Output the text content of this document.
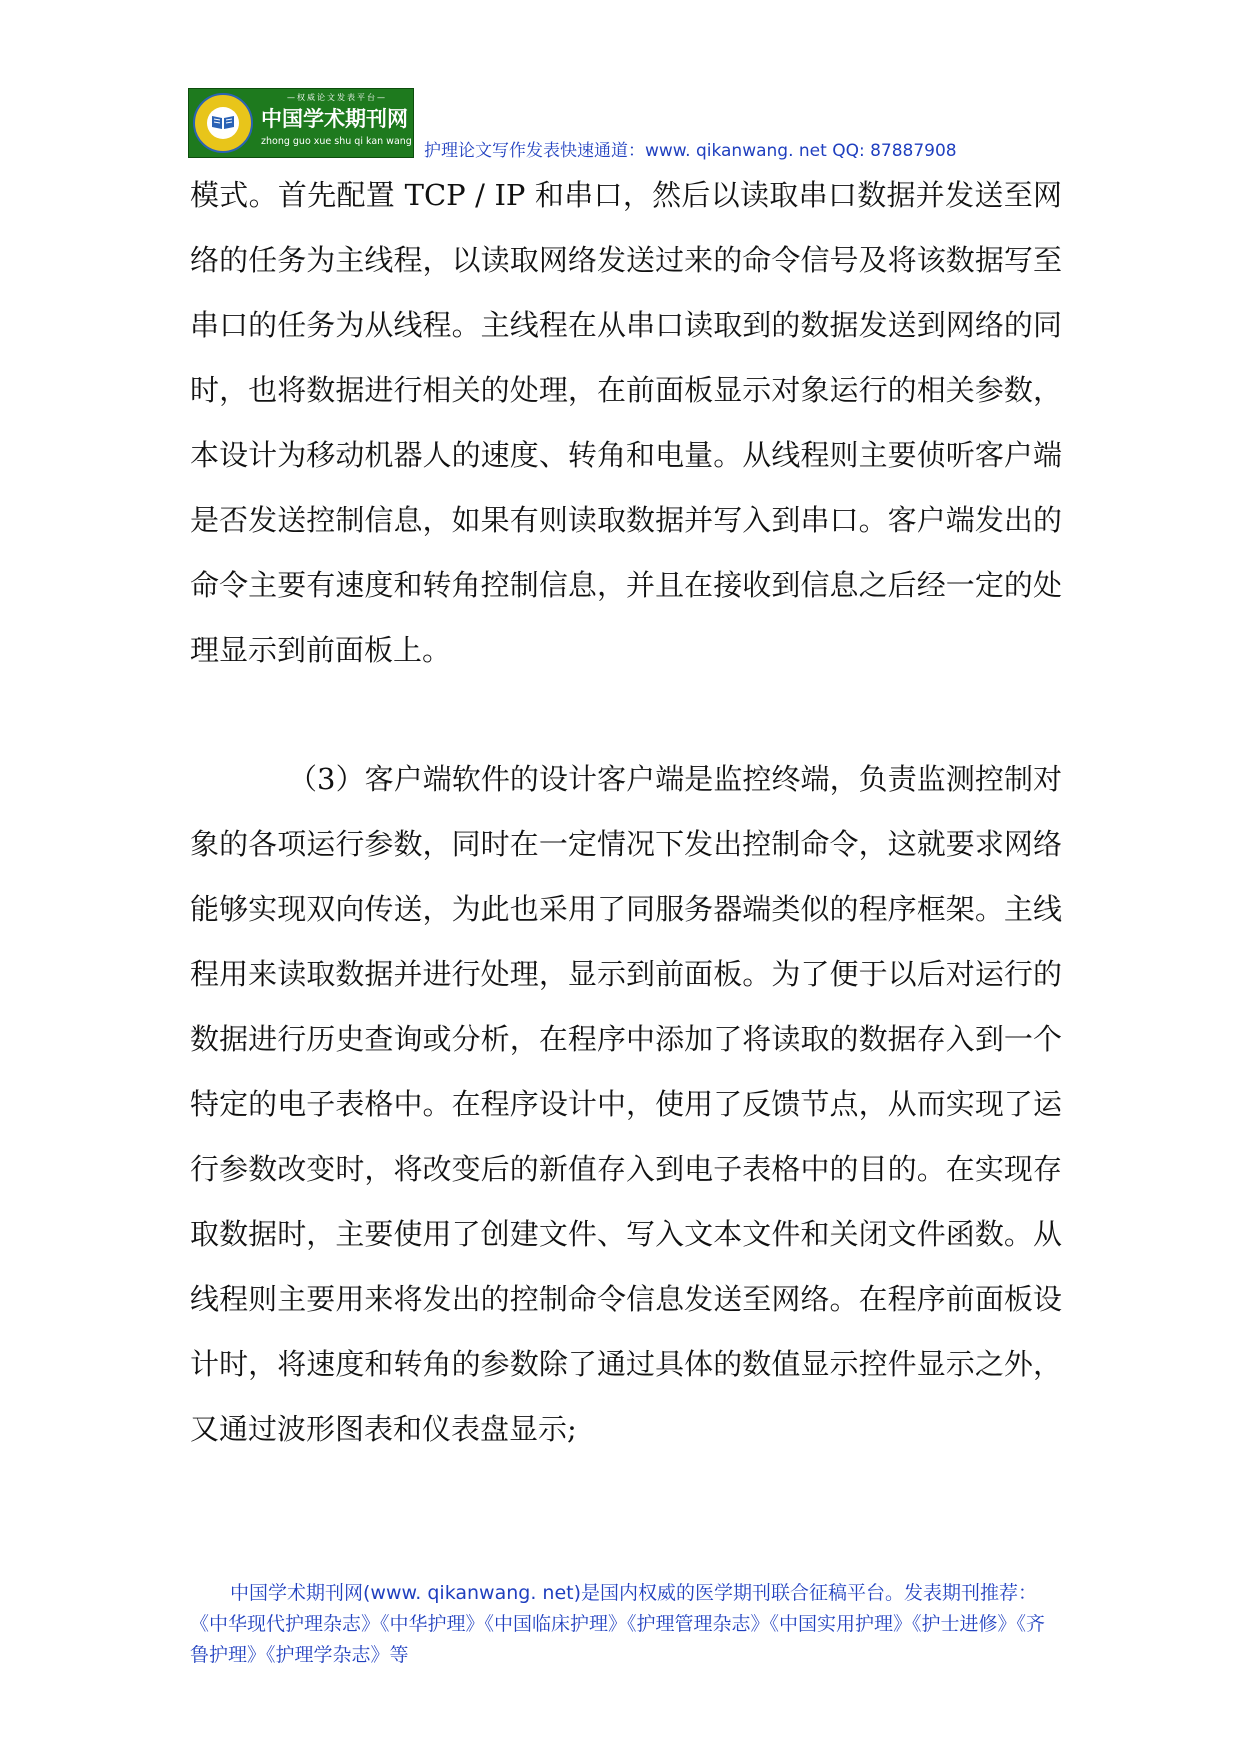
—权威论文发表平台—
中国学术期刊网
zhong guo xue shu qi kan wang 护理论文写作发表快速通道：www. qikanwang. net QQ: 87887908

模式。首先配置 TCP / IP 和串口，然后以读取串口数据并发送至网络的任务为主线程，以读取网络发送过来的命令信号及将该数据写至串口的任务为从线程。主线程在从串口读取到的数据发送到网络的同时，也将数据进行相关的处理，在前面板显示对象运行的相关参数，本设计为移动机器人的速度、转角和电量。从线程则主要侦听客户端是否发送控制信息，如果有则读取数据并写入到串口。客户端发出的命令主要有速度和转角控制信息，并且在接收到信息之后经一定的处理显示到前面板上。

（3）客户端软件的设计客户端是监控终端，负责监测控制对象的各项运行参数，同时在一定情况下发出控制命令，这就要求网络能够实现双向传送，为此也采用了同服务器端类似的程序框架。主线程用来读取数据并进行处理，显示到前面板。为了便于以后对运行的数据进行历史查询或分析，在程序中添加了将读取的数据存入到一个特定的电子表格中。在程序设计中，使用了反馈节点，从而实现了运行参数改变时，将改变后的新值存入到电子表格中的目的。在实现存取数据时，主要使用了创建文件、写入文本文件和关闭文件函数。从线程则主要用来将发出的控制命令信息发送至网络。在程序前面板设计时，将速度和转角的参数除了通过具体的数值显示控件显示之外，又通过波形图表和仪表盘显示;

中国学术期刊网(www. qikanwang. net)是国内权威的医学期刊联合征稿平台。发表期刊推荐：《中华现代护理杂志》《中华护理》《中国临床护理》《护理管理杂志》《中国实用护理》《护士进修》《齐鲁护理》《护理学杂志》等
